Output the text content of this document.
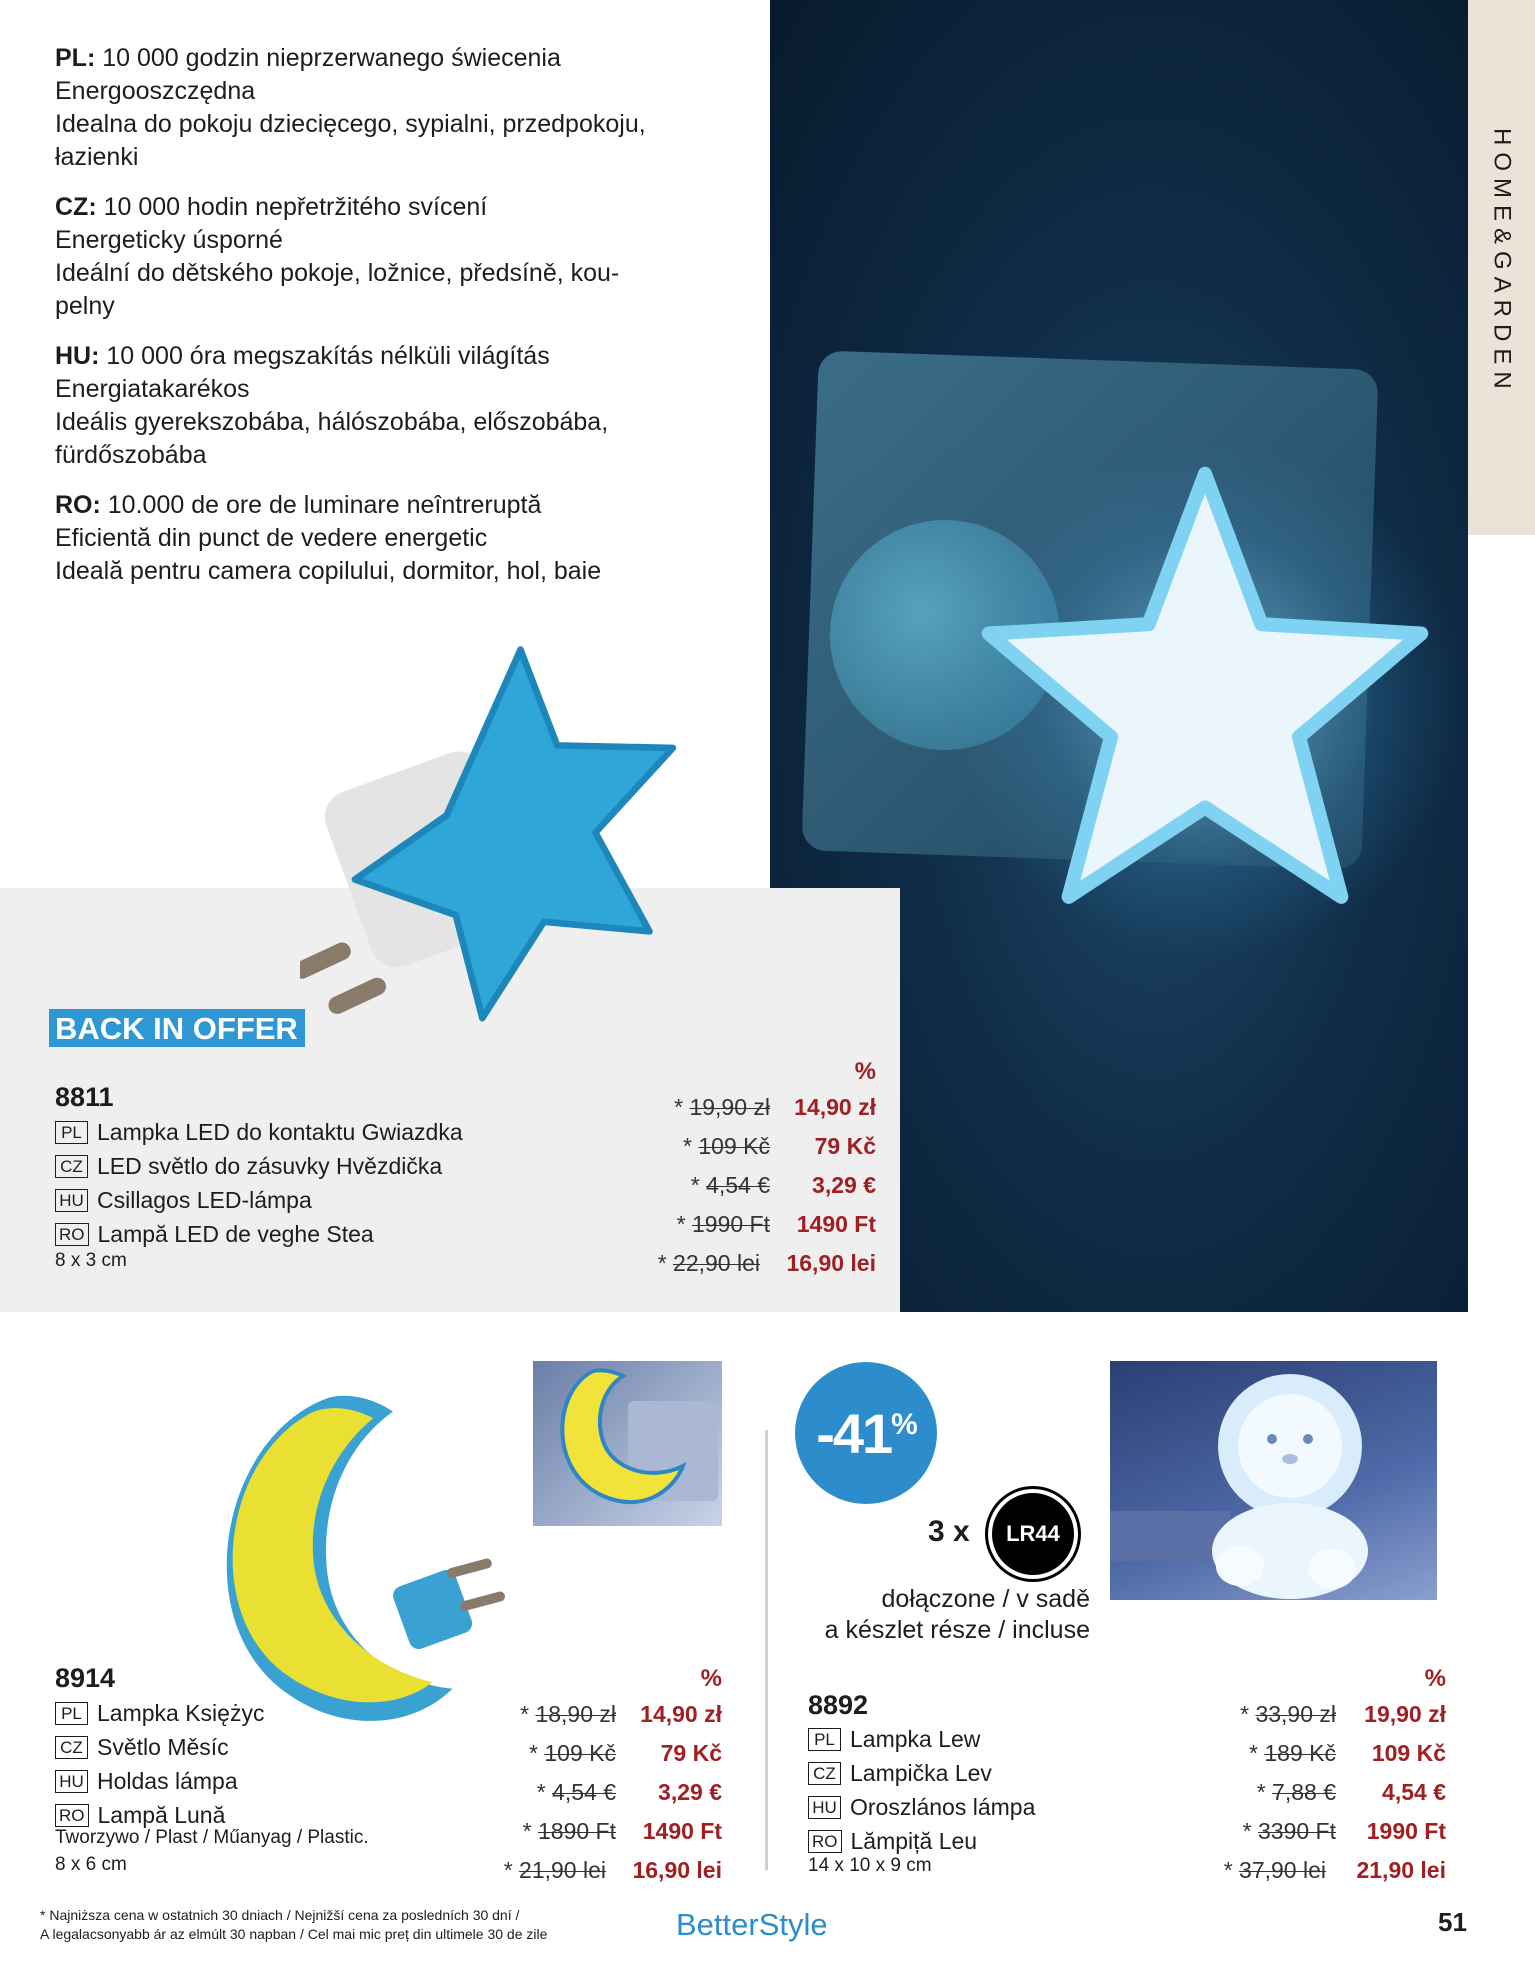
PL: 10 000 godzin nieprzerwanego świecenia
Energooszczędna
Idealna do pokoju dziecięcego, sypialni, przedpokoju,
łazienki
CZ: 10 000 hodin nepřetržitého svícení
Energeticky úsporné
Ideální do dětského pokoje, ložnice, předsíně, kou-
pelny
HU: 10 000 óra megszakítás nélküli világítás
Energiatakarékos
Ideális gyerekszobába, hálószobába, előszobába,
fürdőszobába
RO: 10.000 de ore de luminare neîntreruptă
Eficientă din punct de vedere energetic
Ideală pentru camera copilului, dormitor, hol, baie
HOME&GARDEN
BACK IN OFFER
8811
PL Lampka LED do kontaktu Gwiazdka
CZ LED světlo do zásuvky Hvězdička
HU Csillagos LED-lámpa
RO Lampă LED de veghe Stea
8 x 3 cm
%
* 19,90 zł 14,90 zł
* 109 Kč	79 Kč
* 4,54 €	3,29 €
* 1990 Ft 1490 Ft
* 22,90 lei 16,90 lei
8914
PL Lampka Księżyc
CZ Světlo Měsíc
HU Holdas lámpa
RO Lampă Lună
Tworzywo / Plast / Műanyag / Plastic.
8 x 6 cm
%
* 18,90 zł 14,90 zł
* 109 Kč	79 Kč
* 4,54 €	3,29 €
* 1890 Ft 1490 Ft
* 21,90 lei 16,90 lei
-41%
3 x LR44
dołączone / v sadě
a készlet része / incluse
8892
PL Lampka Lew
CZ Lampička Lev
HU Oroszlános lámpa
RO Lămpiță Leu
14 x 10 x 9 cm
%
* 33,90 zł	19,90 zł
* 189 Kč	109 Kč
* 7,88 €	4,54 €
* 3390 Ft	1990 Ft
* 37,90 lei	21,90 lei
* Najniższa cena w ostatnich 30 dniach / Nejnižší cena za posledních 30 dní /
A legalacsonyabb ár az elmúlt 30 napban / Cel mai mic preț din ultimele 30 de zile	BetterStyle	51
